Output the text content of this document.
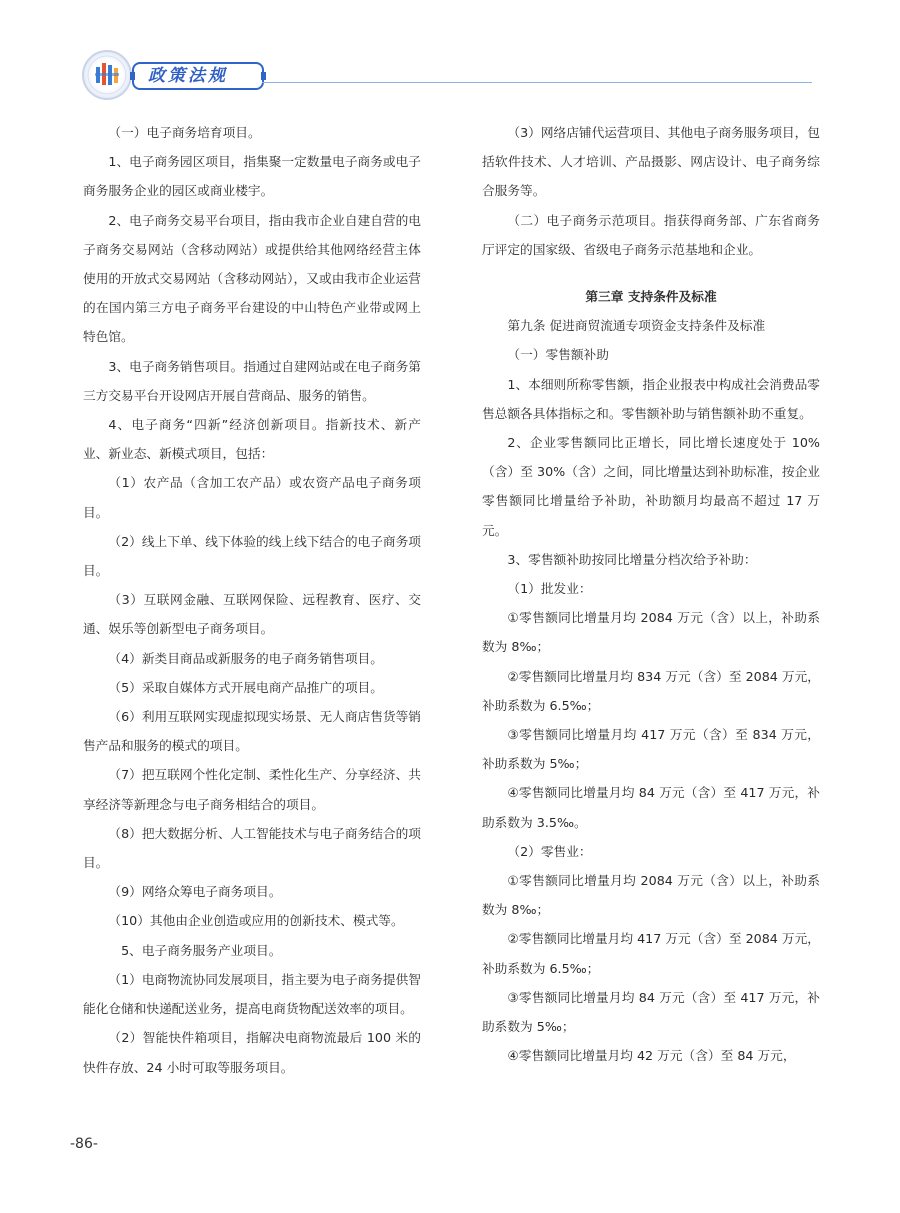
政策法规

（一）电子商务培育项目。

1、电子商务园区项目，指集聚一定数量电子商务或电子商务服务企业的园区或商业楼宇。

2、电子商务交易平台项目，指由我市企业自建自营的电子商务交易网站（含移动网站）或提供给其他网络经营主体使用的开放式交易网站（含移动网站），又或由我市企业运营的在国内第三方电子商务平台建设的中山特色产业带或网上特色馆。

3、电子商务销售项目。指通过自建网站或在电子商务第三方交易平台开设网店开展自营商品、服务的销售。

4、电子商务“四新”经济创新项目。指新技术、新产业、新业态、新模式项目，包括：

（1）农产品（含加工农产品）或农资产品电子商务项目。

（2）线上下单、线下体验的线上线下结合的电子商务项目。

（3）互联网金融、互联网保险、远程教育、医疗、交通、娱乐等创新型电子商务项目。

（4）新类目商品或新服务的电子商务销售项目。

（5）采取自媒体方式开展电商产品推广的项目。

（6）利用互联网实现虚拟现实场景、无人商店售货等销售产品和服务的模式的项目。

（7）把互联网个性化定制、柔性化生产、分享经济、共享经济等新理念与电子商务相结合的项目。

（8）把大数据分析、人工智能技术与电子商务结合的项目。

（9）网络众筹电子商务项目。

（10）其他由企业创造或应用的创新技术、模式等。

5、电子商务服务产业项目。

（1）电商物流协同发展项目，指主要为电子商务提供智能化仓储和快递配送业务，提高电商货物配送效率的项目。

（2）智能快件箱项目，指解决电商物流最后 100 米的快件存放、24 小时可取等服务项目。

（3）网络店铺代运营项目、其他电子商务服务项目，包括软件技术、人才培训、产品摄影、网店设计、电子商务综合服务等。

（二）电子商务示范项目。指获得商务部、广东省商务厅评定的国家级、省级电子商务示范基地和企业。

第三章 支持条件及标准

第九条 促进商贸流通专项资金支持条件及标准

（一）零售额补助

1、本细则所称零售额，指企业报表中构成社会消费品零售总额各具体指标之和。零售额补助与销售额补助不重复。

2、企业零售额同比正增长，同比增长速度处于 10%（含）至 30%（含）之间，同比增量达到补助标准，按企业零售额同比增量给予补助，补助额月均最高不超过 17 万元。

3、零售额补助按同比增量分档次给予补助：

（1）批发业：

①零售额同比增量月均 2084 万元（含）以上，补助系数为 8‰；

②零售额同比增量月均 834 万元（含）至 2084 万元，补助系数为 6.5‰；

③零售额同比增量月均 417 万元（含）至 834 万元，补助系数为 5‰；

④零售额同比增量月均 84 万元（含）至 417 万元，补助系数为 3.5‰。

（2）零售业：

①零售额同比增量月均 2084 万元（含）以上，补助系数为 8‰；

②零售额同比增量月均 417 万元（含）至 2084 万元，补助系数为 6.5‰；

③零售额同比增量月均 84 万元（含）至 417 万元，补助系数为 5‰；

④零售额同比增量月均 42 万元（含）至 84 万元，

-86-
